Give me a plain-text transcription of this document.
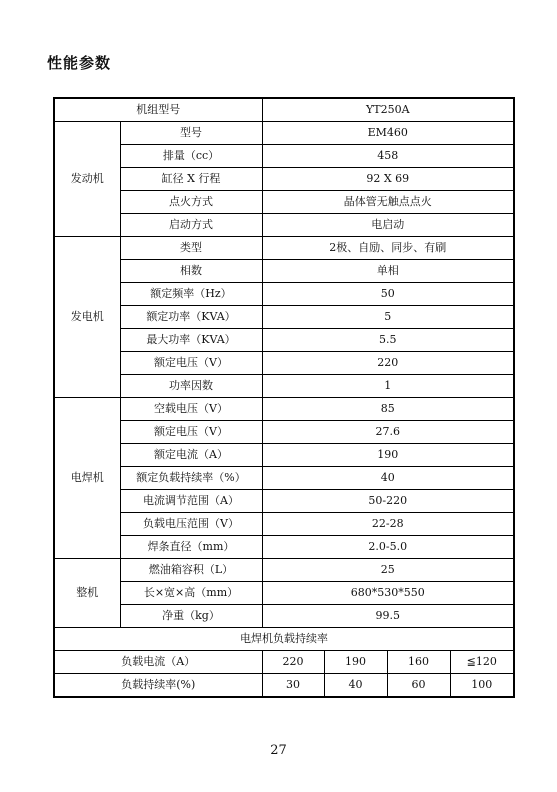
性能参数
机组型号		YT250A			
发动机	型号	EM460			
	排量（cc）	458			
	缸径 X 行程	92 X 69			
	点火方式	晶体管无触点点火			
	启动方式	电启动			
发电机	类型	2极、自励、同步、有刷			
	相数	单相			
	额定频率（Hz）	50			
	额定功率（KVA）	5			
	最大功率（KVA）	5.5			
	额定电压（V）	220			
	功率因数	1			
电焊机	空载电压（V）	85			
	额定电压（V）	27.6			
	额定电流（A）	190			
	额定负载持续率（%）	40			
	电流调节范围（A）	50-220			
	负载电压范围（V）	22-28			
	焊条直径（mm）	2.0-5.0			
整机	燃油箱容积（L）	25			
	长×宽×高（mm）	680*530*550			
	净重（kg）	99.5			
电焊机负载持续率					
负载电流（A）		220	190	160	≦120
负载持续率(%)		30	40	60	100
27
